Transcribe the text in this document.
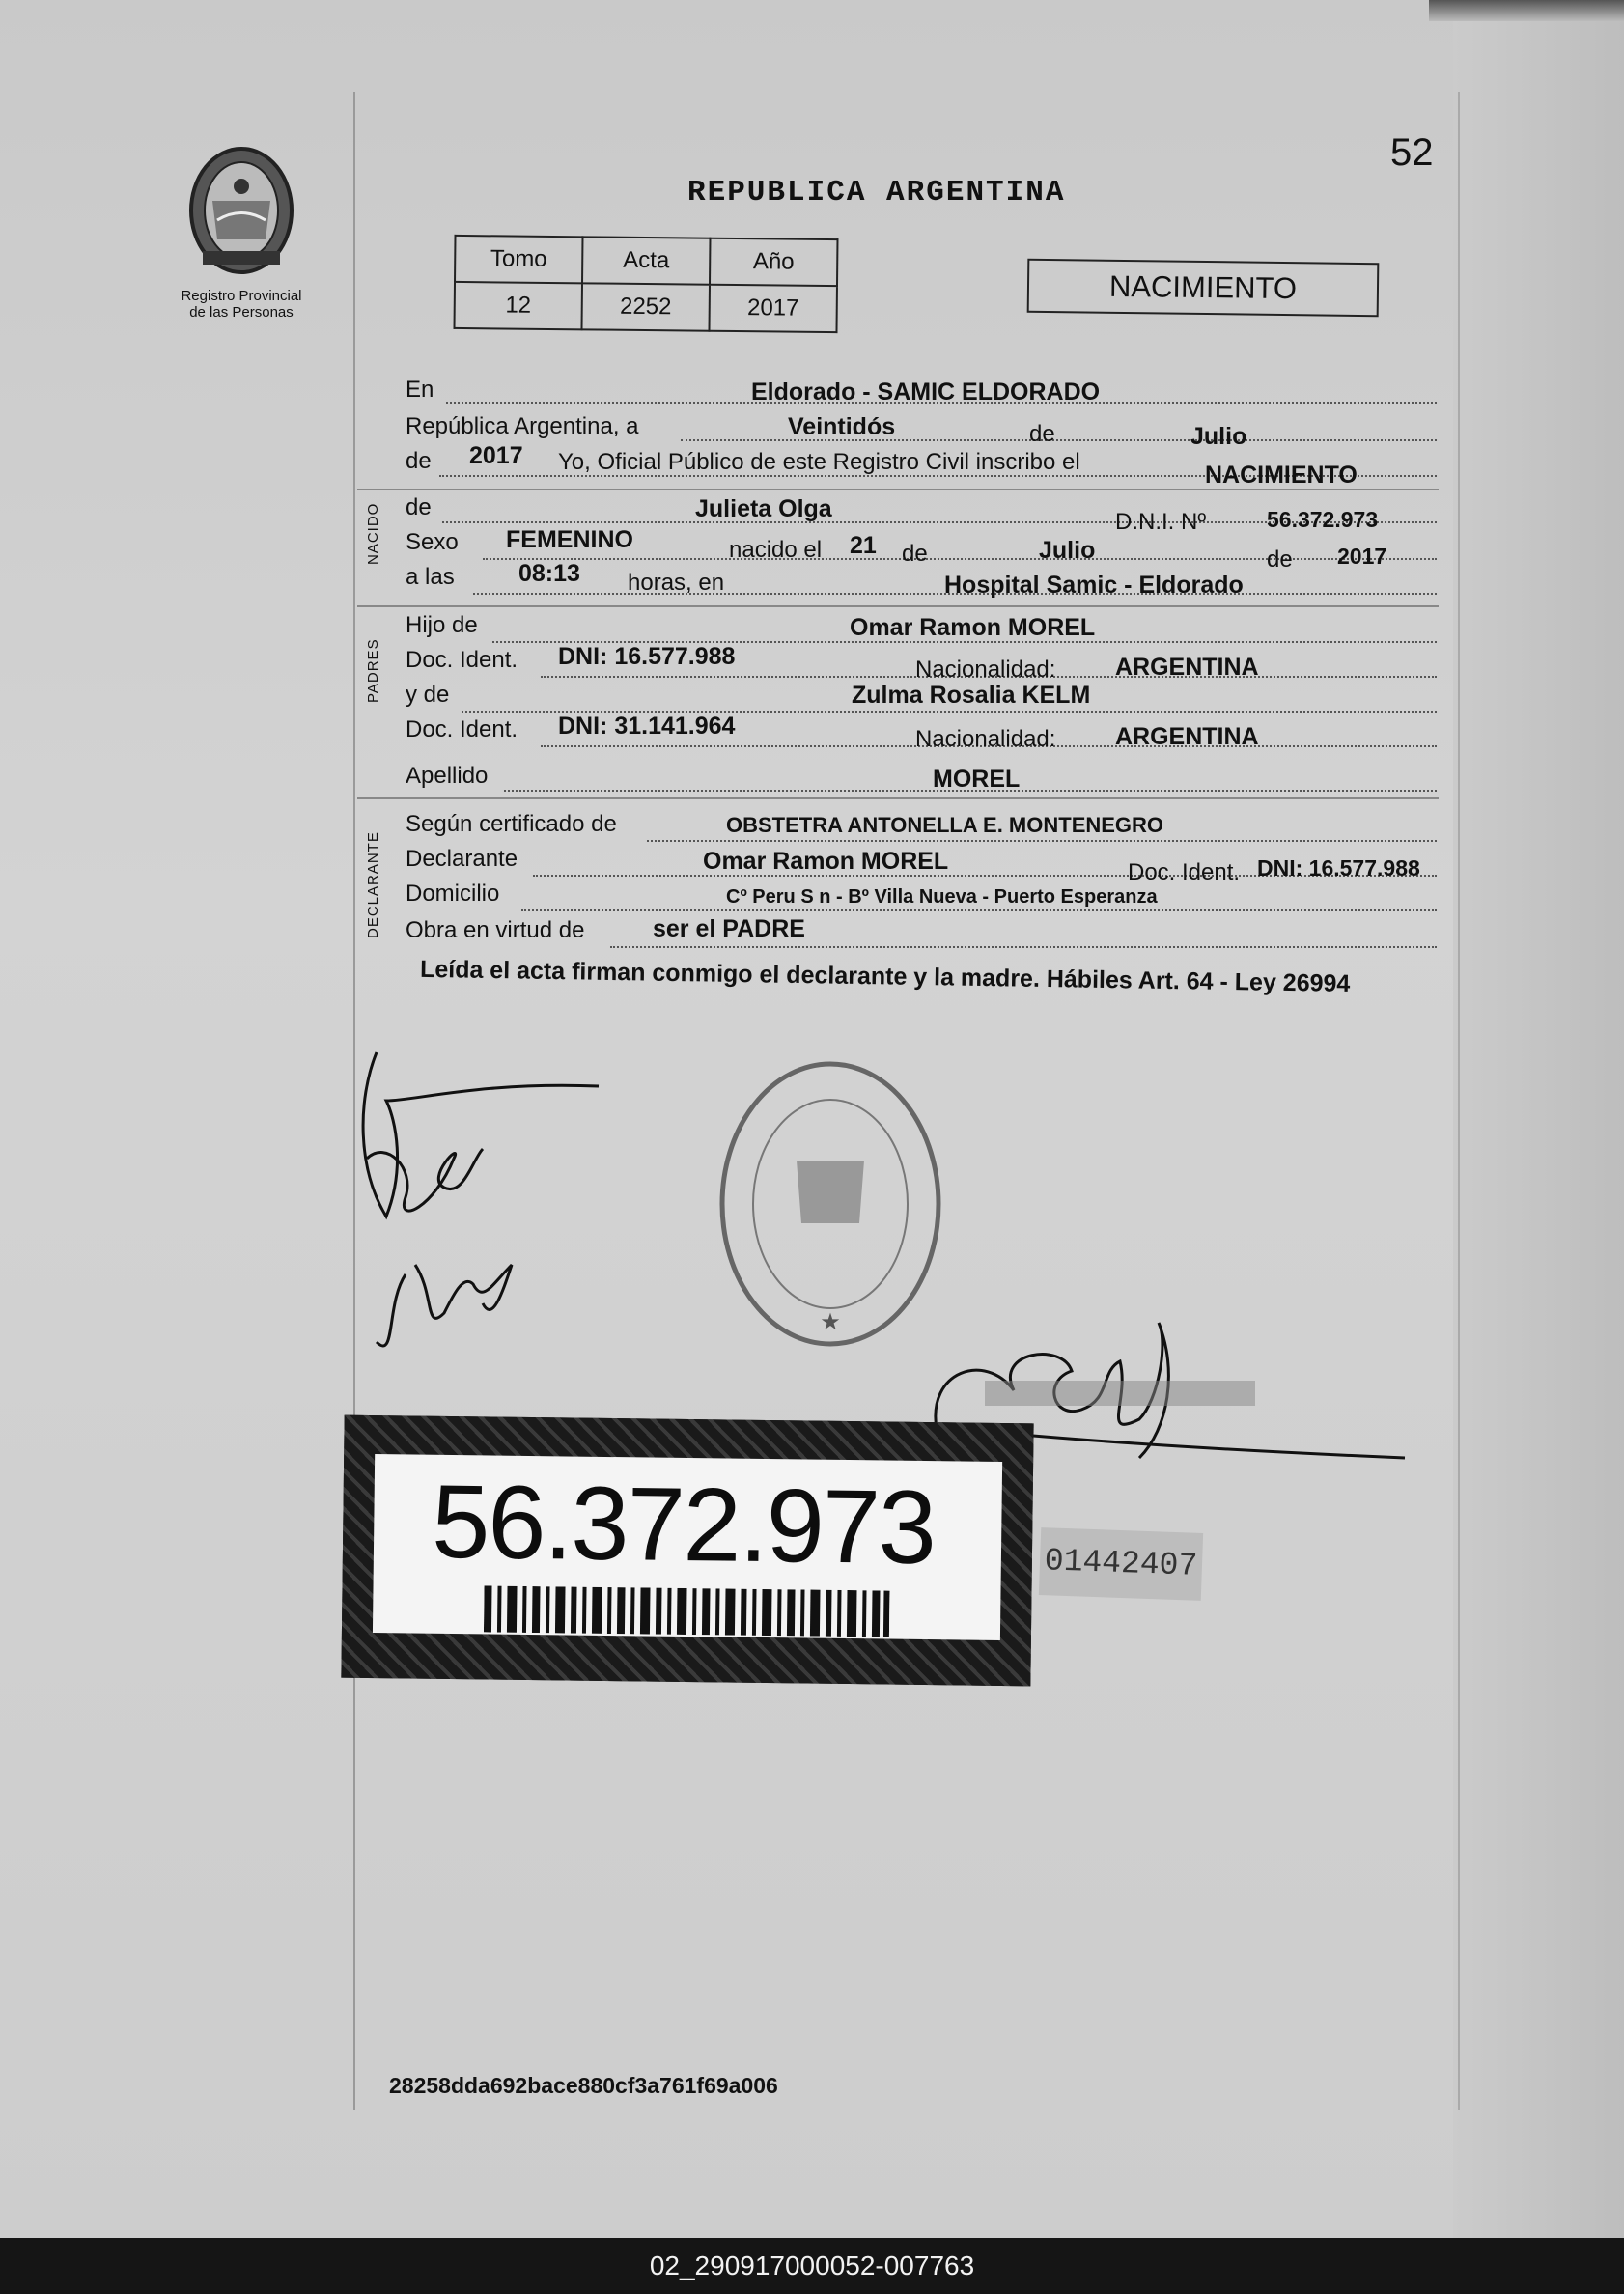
Registro Provincial
de las Personas
REPUBLICA ARGENTINA
52
Tomo	Acta	Año
12	2252	2017
NACIMIENTO
NACIDO
PADRES
DECLARANTE
En	Eldorado - SAMIC ELDORADO
República Argentina, a	Veintidós	de	Julio
de 2017 Yo, Oficial Público de este Registro Civil inscribo el	NACIMIENTO
de	Julieta Olga	D.N.I. Nº	56.372.973
Sexo FEMENINO	nacido el 21 de	Julio	de 2017
a las	08:13 horas, en	Hospital Samic - Eldorado
Hijo de	Omar Ramon MOREL
Doc. Ident. DNI: 16.577.988	Nacionalidad: ARGENTINA
y de	Zulma Rosalia KELM
Doc. Ident. DNI: 31.141.964	Nacionalidad: ARGENTINA
Apellido	MOREL
Según certificado de	OBSTETRA ANTONELLA E. MONTENEGRO
Declarante	Omar Ramon MOREL	Doc. Ident. DNI: 16.577.988
Domicilio	Cº Peru S n - Bº Villa Nueva - Puerto Esperanza
Obra en virtud de	ser el PADRE
Leída el acta firman conmigo el declarante y la madre. Hábiles Art. 64 - Ley 26994
★
56.372.973	01442407
28258dda692bace880cf3a761f69a006
02_290917000052-007763
